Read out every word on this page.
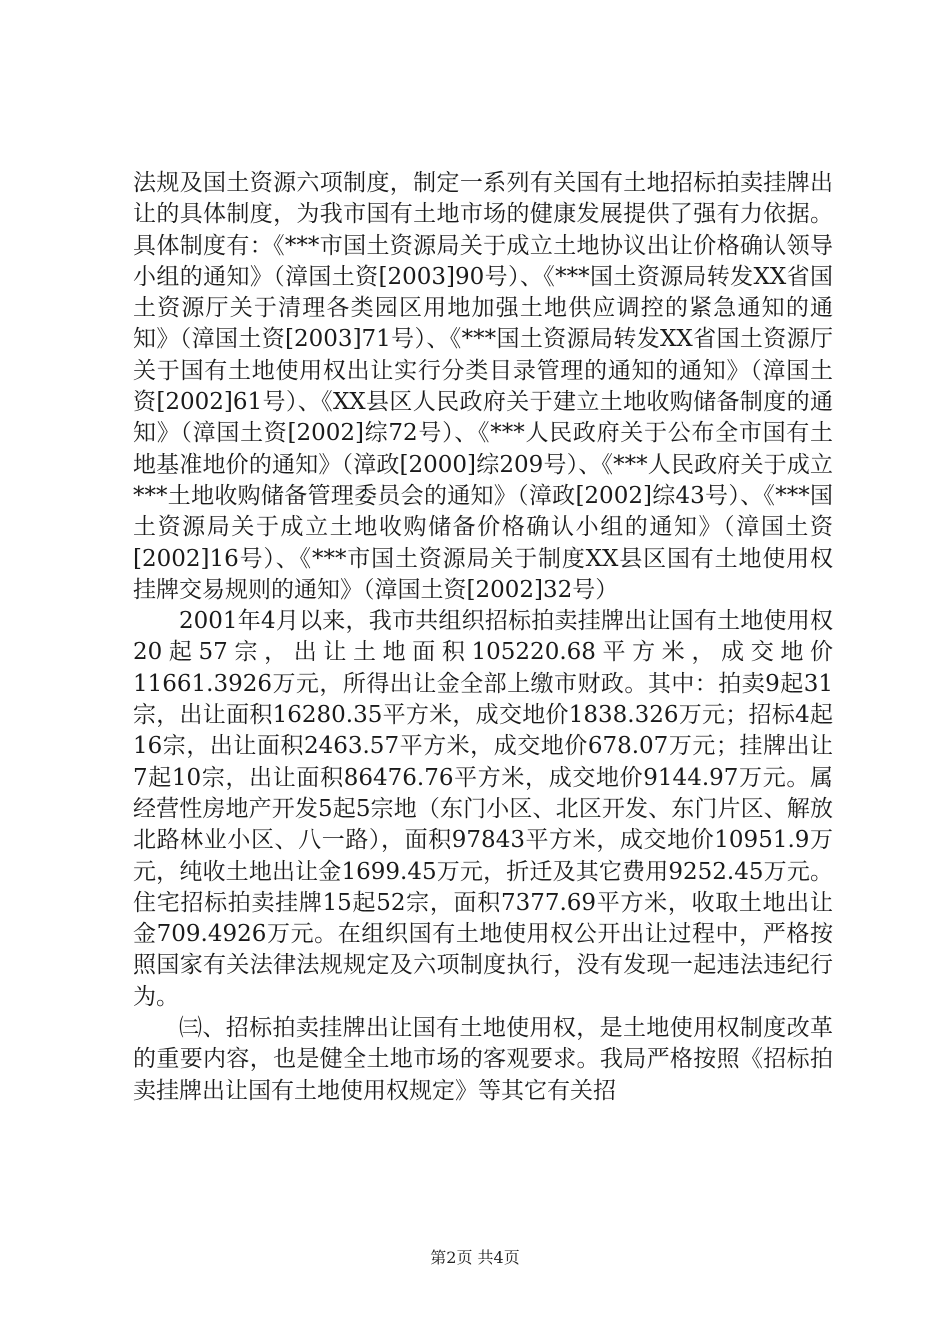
法规及国土资源六项制度，制定一系列有关国有土地招标拍卖挂牌出让的具体制度，为我市国有土地市场的健康发展提供了强有力依据。具体制度有：《***市国土资源局关于成立土地协议出让价格确认领导小组的通知》（漳国土资[2003]90号）、《***国土资源局转发XX省国土资源厅关于清理各类园区用地加强土地供应调控的紧急通知的通知》（漳国土资[2003]71号）、《***国土资源局转发XX省国土资源厅关于国有土地使用权出让实行分类目录管理的通知的通知》（漳国土资[2002]61号）、《XX县区人民政府关于建立土地收购储备制度的通知》（漳国土资[2002]综72号）、《***人民政府关于公布全市国有土地基准地价的通知》（漳政[2000]综209号）、《***人民政府关于成立***土地收购储备管理委员会的通知》（漳政[2002]综43号）、《***国土资源局关于成立土地收购储备价格确认小组的通知》（漳国土资[2002]16号）、《***市国土资源局关于制度XX县区国有土地使用权挂牌交易规则的通知》（漳国土资[2002]32号）

2001年4月以来，我市共组织招标拍卖挂牌出让国有土地使用权20起57宗，出让土地面积105220.68平方米，成交地价11661.3926万元，所得出让金全部上缴市财政。其中：拍卖9起31宗，出让面积16280.35平方米，成交地价1838.326万元；招标4起16宗，出让面积2463.57平方米，成交地价678.07万元；挂牌出让7起10宗，出让面积86476.76平方米，成交地价9144.97万元。属经营性房地产开发5起5宗地（东门小区、北区开发、东门片区、解放北路林业小区、八一路），面积97843平方米，成交地价10951.9万元，纯收土地出让金1699.45万元，折迁及其它费用9252.45万元。住宅招标拍卖挂牌15起52宗，面积7377.69平方米，收取土地出让金709.4926万元。在组织国有土地使用权公开出让过程中，严格按照国家有关法律法规规定及六项制度执行，没有发现一起违法违纪行为。

㈢、招标拍卖挂牌出让国有土地使用权，是土地使用权制度改革的重要内容，也是健全土地市场的客观要求。我局严格按照《招标拍卖挂牌出让国有土地使用权规定》等其它有关招

第2页 共4页
